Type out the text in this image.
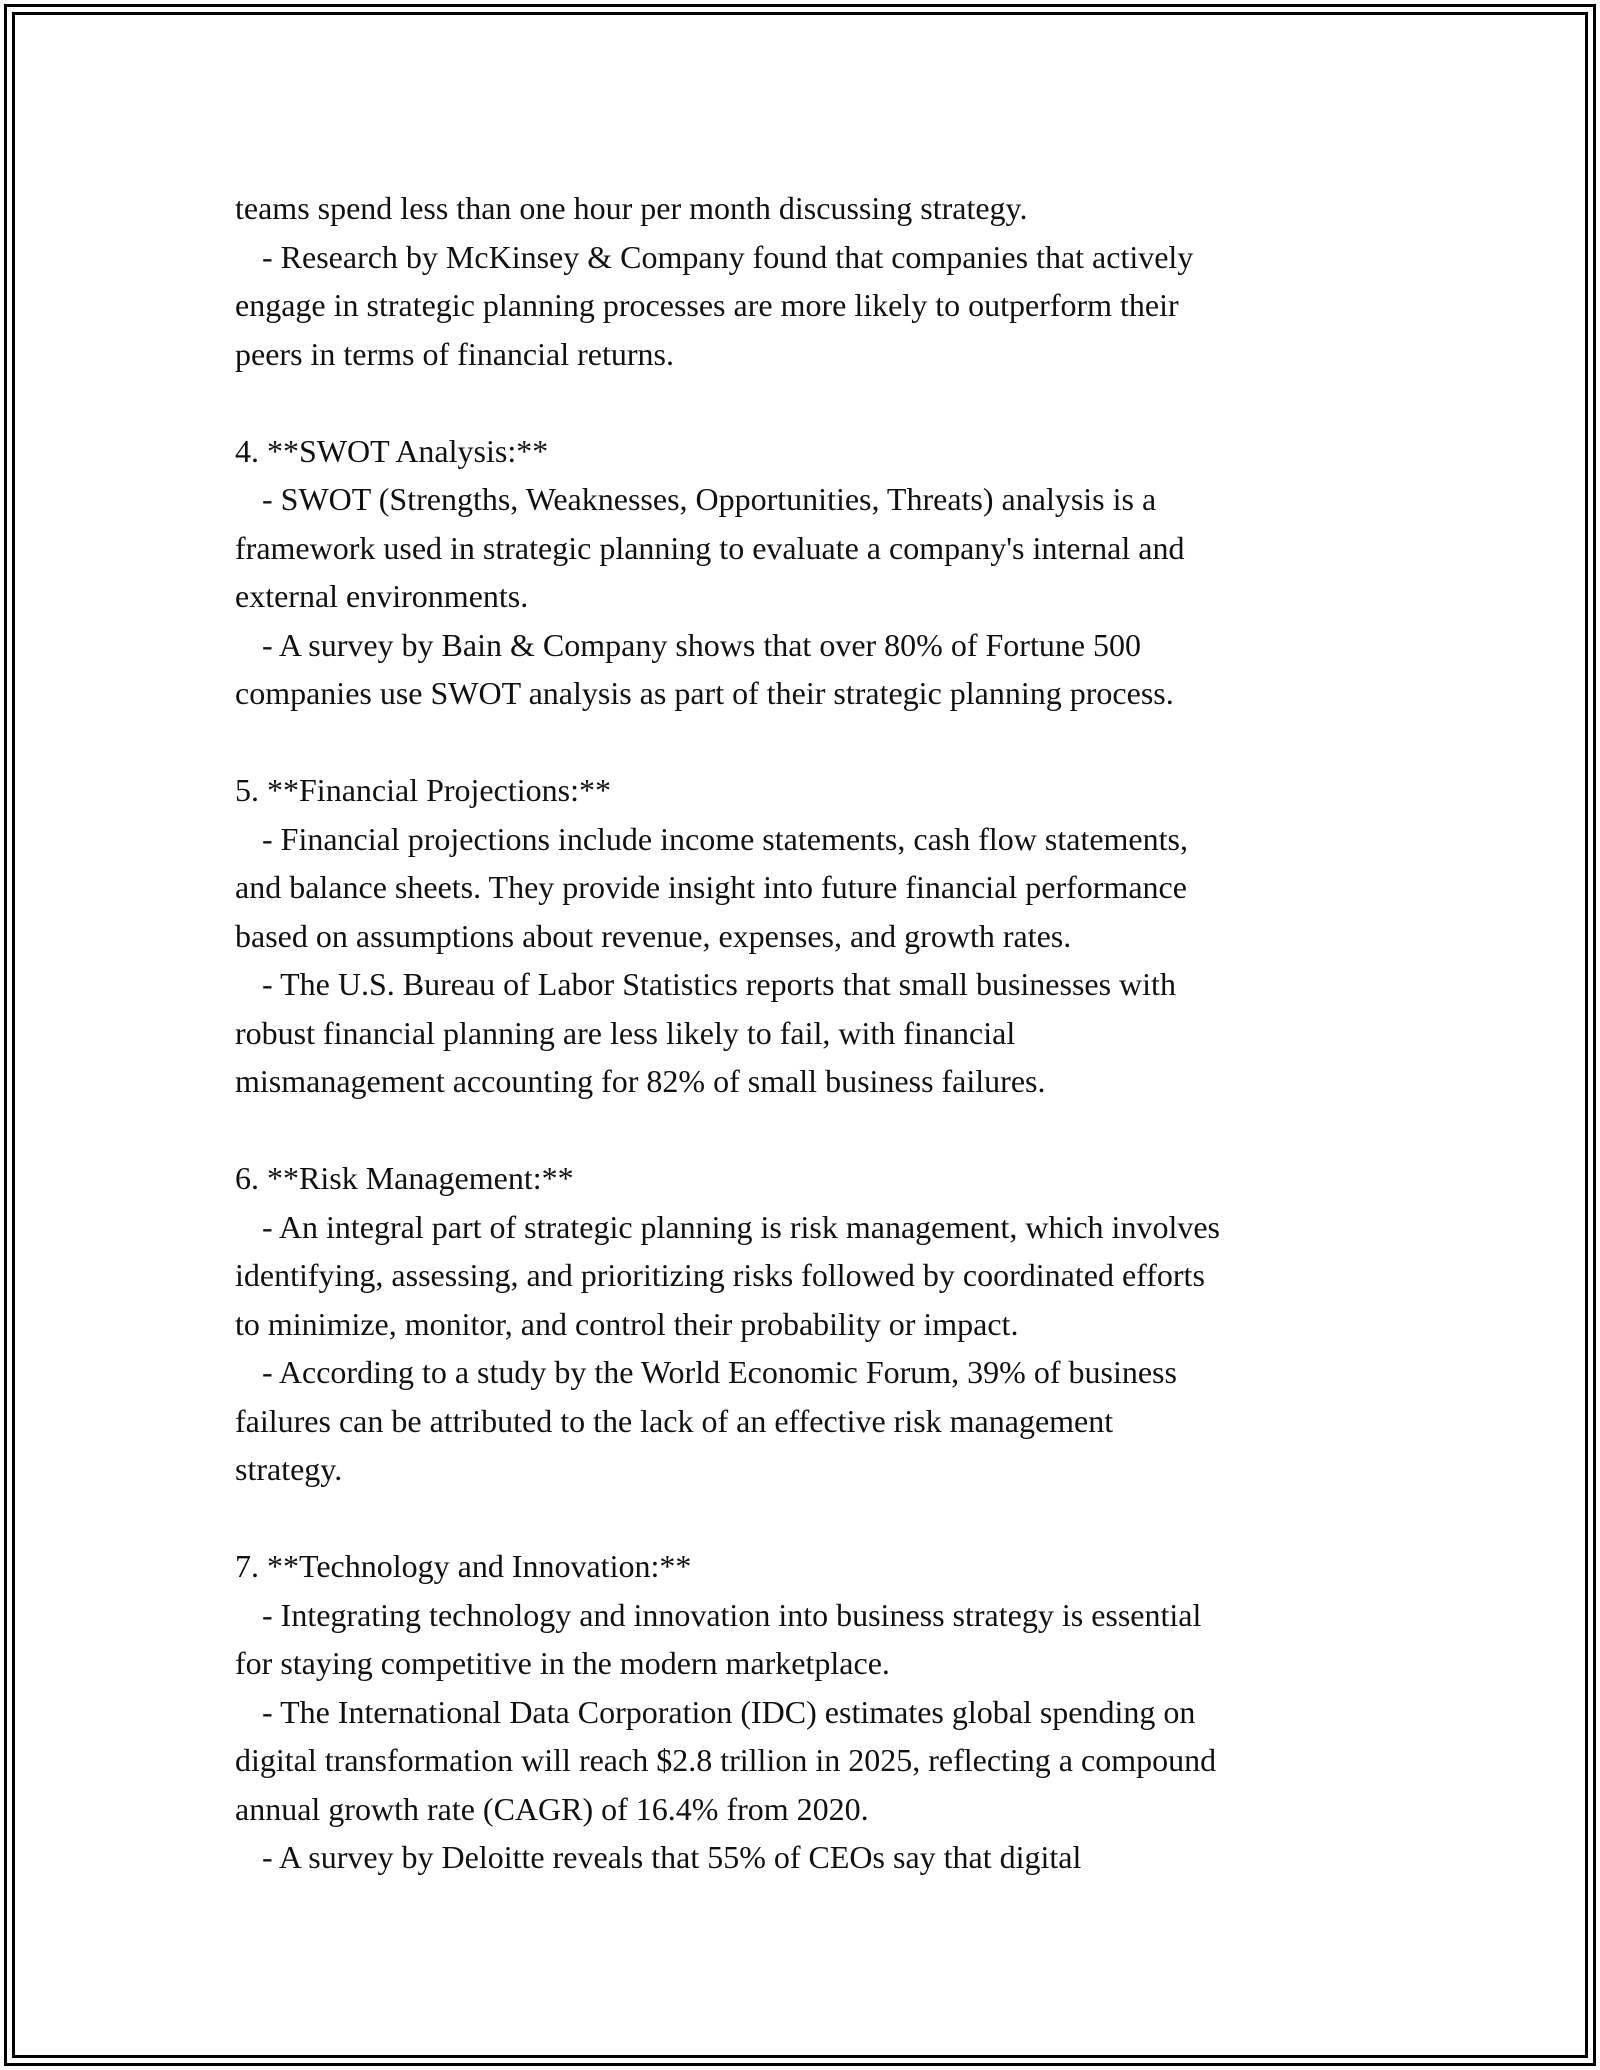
teams spend less than one hour per month discussing strategy.
- Research by McKinsey & Company found that companies that actively
engage in strategic planning processes are more likely to outperform their
peers in terms of financial returns.
4. **SWOT Analysis:**
- SWOT (Strengths, Weaknesses, Opportunities, Threats) analysis is a
framework used in strategic planning to evaluate a company's internal and
external environments.
- A survey by Bain & Company shows that over 80% of Fortune 500
companies use SWOT analysis as part of their strategic planning process.
5. **Financial Projections:**
- Financial projections include income statements, cash flow statements,
and balance sheets. They provide insight into future financial performance
based on assumptions about revenue, expenses, and growth rates.
- The U.S. Bureau of Labor Statistics reports that small businesses with
robust financial planning are less likely to fail, with financial
mismanagement accounting for 82% of small business failures.
6. **Risk Management:**
- An integral part of strategic planning is risk management, which involves
identifying, assessing, and prioritizing risks followed by coordinated efforts
to minimize, monitor, and control their probability or impact.
- According to a study by the World Economic Forum, 39% of business
failures can be attributed to the lack of an effective risk management
strategy.
7. **Technology and Innovation:**
- Integrating technology and innovation into business strategy is essential
for staying competitive in the modern marketplace.
- The International Data Corporation (IDC) estimates global spending on
digital transformation will reach $2.8 trillion in 2025, reflecting a compound
annual growth rate (CAGR) of 16.4% from 2020.
- A survey by Deloitte reveals that 55% of CEOs say that digital
